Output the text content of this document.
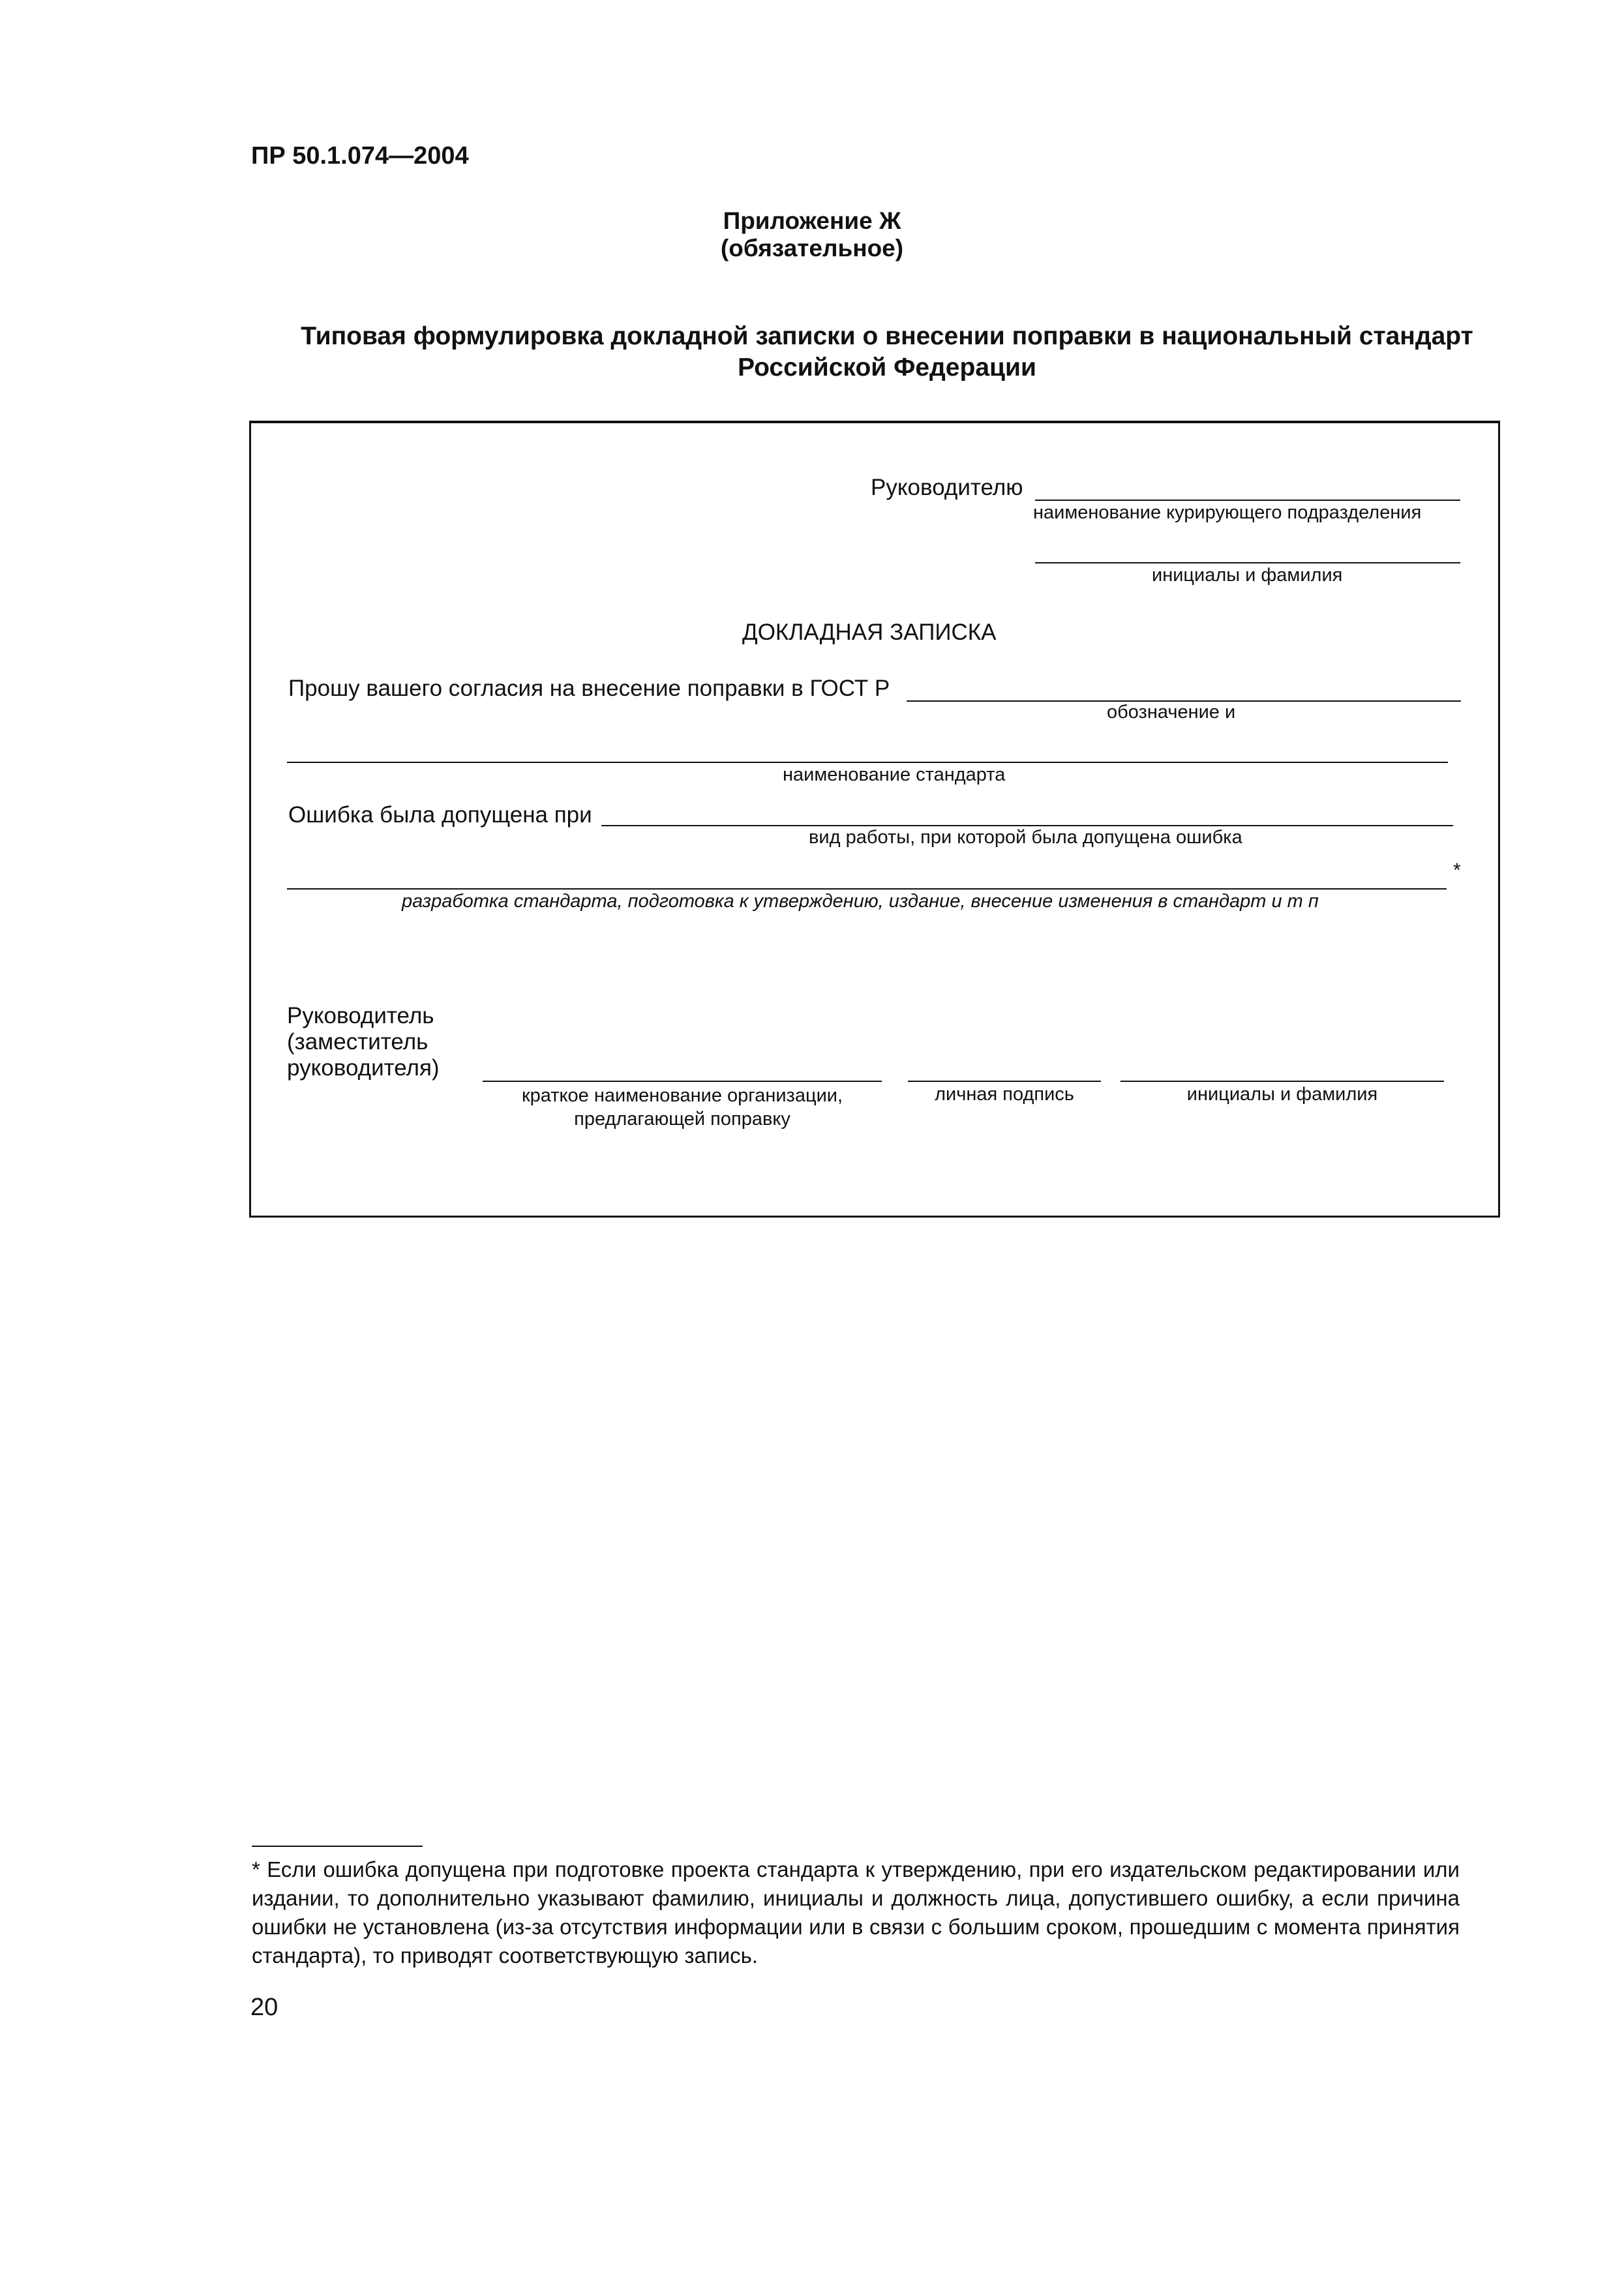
ПР 50.1.074—2004
Приложение Ж
(обязательное)
Типовая формулировка докладной записки о внесении поправки в национальный стандарт
Российской Федерации
Руководителю
наименование курирующего подразделения
инициалы и фамилия
ДОКЛАДНАЯ ЗАПИСКА
Прошу вашего согласия на внесение поправки в ГОСТ Р
обозначение и
наименование стандарта
Ошибка была допущена при
вид работы, при которой была допущена ошибка
*
разработка стандарта, подготовка к утверждению, издание, внесение изменения в стандарт и т п
Руководитель
(заместитель
руководителя)
краткое наименование организации,
предлагающей поправку
личная подпись	инициалы и фамилия
* Если ошибка допущена при подготовке проекта стандарта к утверждению, при его издательском редактировании или издании, то дополнительно указывают фамилию, инициалы и должность лица, допустившего ошибку, а если причина ошибки не установлена (из-за отсутствия информации или в связи с большим сроком, прошедшим с момента принятия стандарта), то приводят соответствующую запись.
20
